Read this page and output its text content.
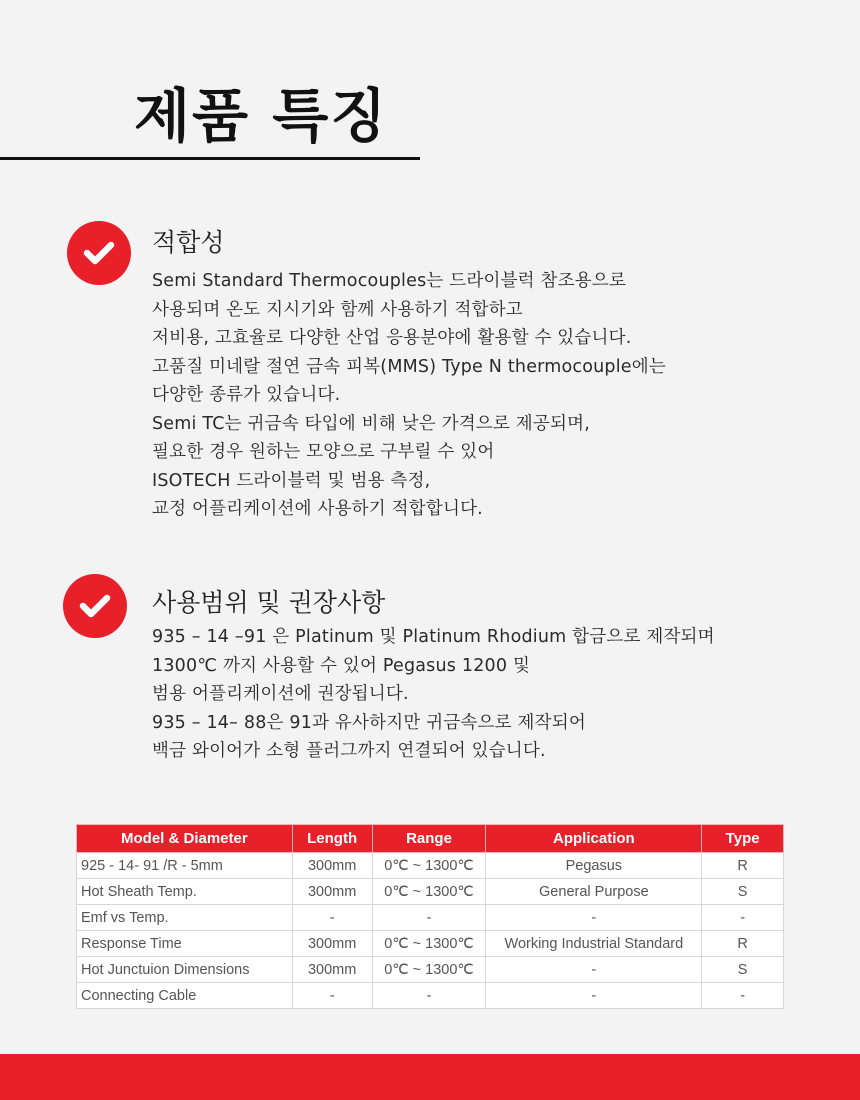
제품 특징
적합성

Semi Standard Thermocouples는 드라이블럭 참조용으로
사용되며 온도 지시기와 함께 사용하기 적합하고
저비용, 고효율로 다양한 산업 응용분야에 활용할 수 있습니다.
고품질 미네랄 절연 금속 피복(MMS) Type N thermocouple에는
다양한 종류가 있습니다.
Semi TC는 귀금속 타입에 비해 낮은 가격으로 제공되며,
필요한 경우 원하는 모양으로 구부릴 수 있어
ISOTECH 드라이블럭 및 범용 측정,
교정 어플리케이션에 사용하기 적합합니다.

사용범위 및 권장사항

935 – 14 –91 은 Platinum 및 Platinum Rhodium 합금으로 제작되며
1300℃ 까지 사용할 수 있어 Pegasus 1200 및
범용 어플리케이션에 권장됩니다.
935 – 14– 88은 91과 유사하지만 귀금속으로 제작되어
백금 와이어가 소형 플러그까지 연결되어 있습니다.

Model & Diameter	Length	Range	Application	Type
925 - 14- 91 /R - 5mm	300mm	0℃ ~ 1300℃	Pegasus	R
Hot Sheath Temp.	300mm	0℃ ~ 1300℃	General Purpose	S
Emf vs Temp.	-	-	-	-
Response Time	300mm	0℃ ~ 1300℃	Working Industrial Standard	R
Hot Junctuion Dimensions	300mm	0℃ ~ 1300℃	-	S
Connecting Cable	-	-	-	-
